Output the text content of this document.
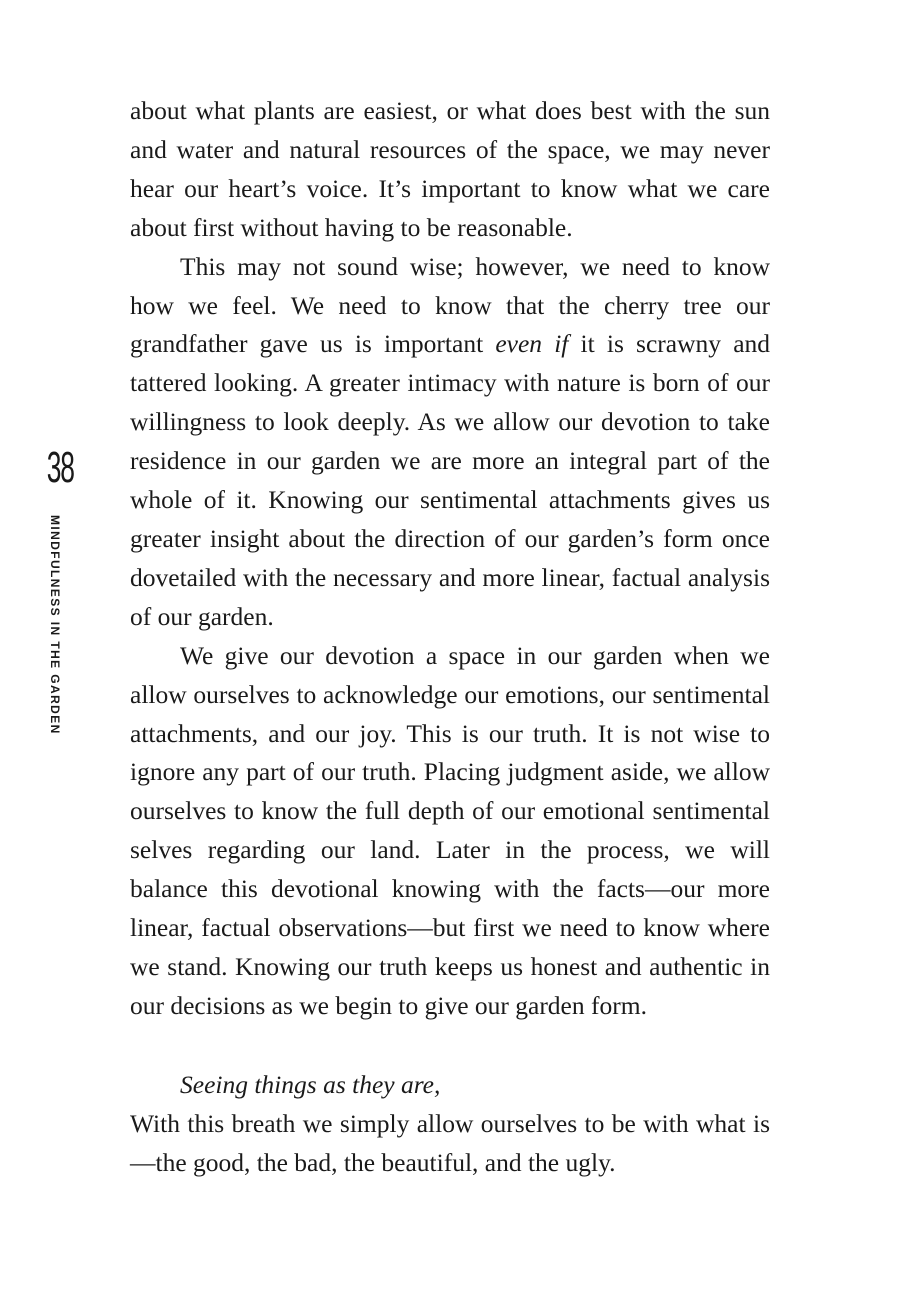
38
MINDFULNESS IN THE GARDEN

about what plants are easiest, or what does best with the sun and water and natural resources of the space, we may never hear our heart’s voice. It’s important to know what we care about first without having to be reasonable.

This may not sound wise; however, we need to know how we feel. We need to know that the cherry tree our grandfather gave us is important even if it is scrawny and tattered looking. A greater intimacy with nature is born of our willingness to look deeply. As we allow our devotion to take residence in our garden we are more an integral part of the whole of it. Knowing our sentimental attachments gives us greater insight about the direction of our garden’s form once dovetailed with the necessary and more linear, factual analysis of our garden.

We give our devotion a space in our garden when we allow ourselves to acknowledge our emotions, our sentimental attachments, and our joy. This is our truth. It is not wise to ignore any part of our truth. Placing judgment aside, we allow ourselves to know the full depth of our emotional sentimental selves regarding our land. Later in the process, we will balance this devotional knowing with the facts—our more linear, factual observations—but first we need to know where we stand. Knowing our truth keeps us honest and authentic in our decisions as we begin to give our garden form.

Seeing things as they are,

With this breath we simply allow ourselves to be with what is—the good, the bad, the beautiful, and the ugly.
